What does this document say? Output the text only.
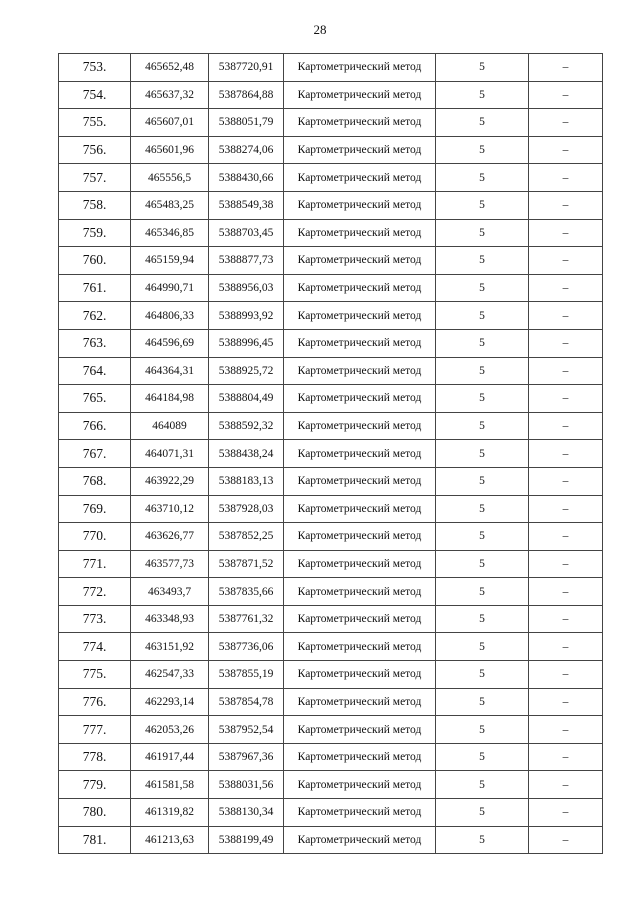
28
753.	465652,48	5387720,91	Картометрический метод	5	–
754.	465637,32	5387864,88	Картометрический метод	5	–
755.	465607,01	5388051,79	Картометрический метод	5	–
756.	465601,96	5388274,06	Картометрический метод	5	–
757.	465556,5	5388430,66	Картометрический метод	5	–
758.	465483,25	5388549,38	Картометрический метод	5	–
759.	465346,85	5388703,45	Картометрический метод	5	–
760.	465159,94	5388877,73	Картометрический метод	5	–
761.	464990,71	5388956,03	Картометрический метод	5	–
762.	464806,33	5388993,92	Картометрический метод	5	–
763.	464596,69	5388996,45	Картометрический метод	5	–
764.	464364,31	5388925,72	Картометрический метод	5	–
765.	464184,98	5388804,49	Картометрический метод	5	–
766.	464089	5388592,32	Картометрический метод	5	–
767.	464071,31	5388438,24	Картометрический метод	5	–
768.	463922,29	5388183,13	Картометрический метод	5	–
769.	463710,12	5387928,03	Картометрический метод	5	–
770.	463626,77	5387852,25	Картометрический метод	5	–
771.	463577,73	5387871,52	Картометрический метод	5	–
772.	463493,7	5387835,66	Картометрический метод	5	–
773.	463348,93	5387761,32	Картометрический метод	5	–
774.	463151,92	5387736,06	Картометрический метод	5	–
775.	462547,33	5387855,19	Картометрический метод	5	–
776.	462293,14	5387854,78	Картометрический метод	5	–
777.	462053,26	5387952,54	Картометрический метод	5	–
778.	461917,44	5387967,36	Картометрический метод	5	–
779.	461581,58	5388031,56	Картометрический метод	5	–
780.	461319,82	5388130,34	Картометрический метод	5	–
781.	461213,63	5388199,49	Картометрический метод	5	–
